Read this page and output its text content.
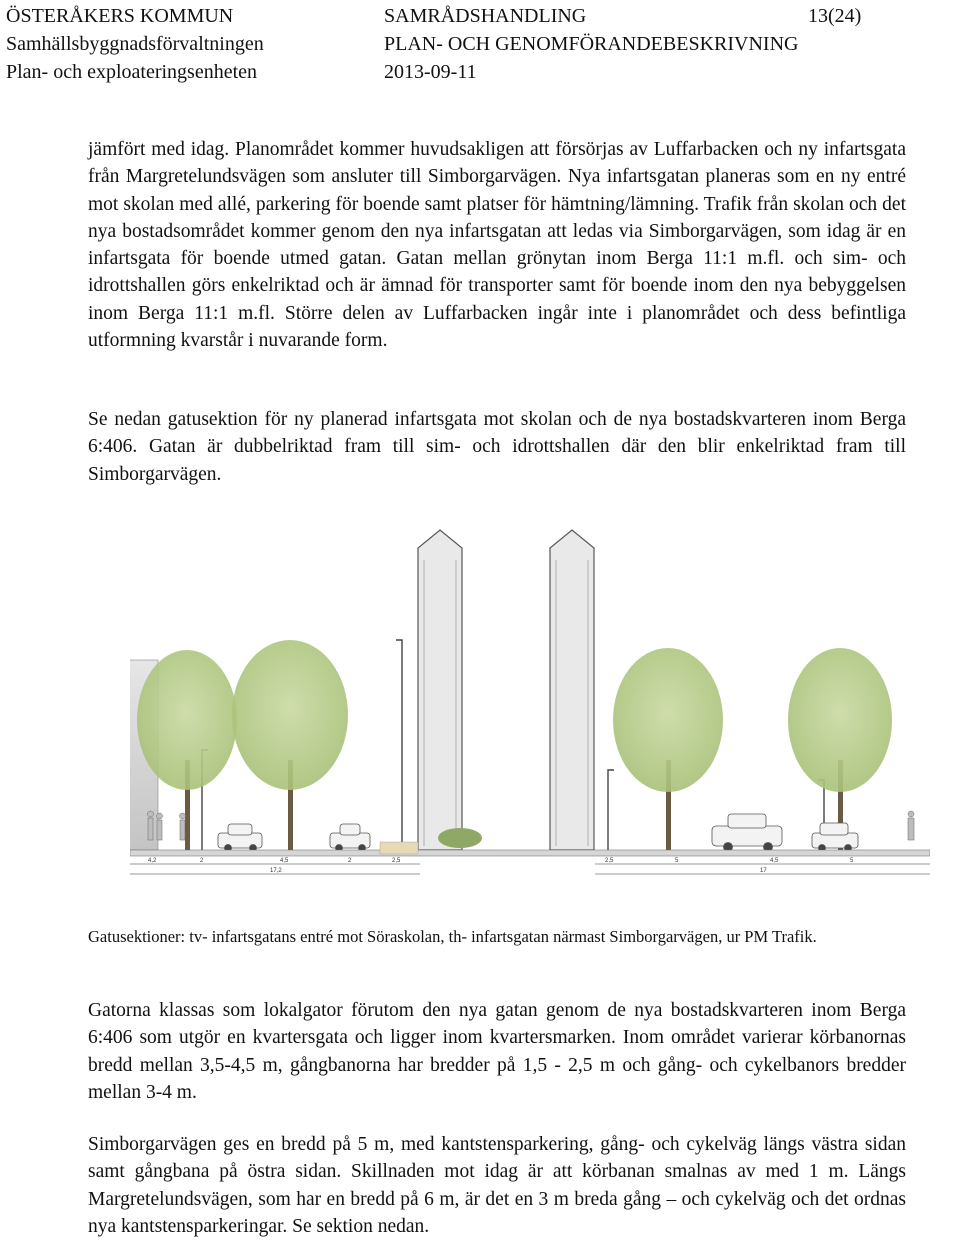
ÖSTERÅKERS KOMMUN
Samhällsbyggnadsförvaltningen
Plan- och exploateringsenheten
SAMRÅDSHANDLING
PLAN- OCH GENOMFÖRANDEBESKRIVNING
2013-09-11
13(24)

jämfört med idag. Planområdet kommer huvudsakligen att försörjas av Luffarbacken och ny infartsgata från Margretelundsvägen som ansluter till Simborgarvägen. Nya infartsgatan planeras som en ny entré mot skolan med allé, parkering för boende samt platser för hämtning/lämning. Trafik från skolan och det nya bostadsområdet kommer genom den nya infartsgatan att ledas via Simborgarvägen, som idag är en infartsgata för boende utmed gatan. Gatan mellan grönytan inom Berga 11:1 m.fl. och sim- och idrottshallen görs enkelriktad och är ämnad för transporter samt för boende inom den nya bebyggelsen inom Berga 11:1 m.fl. Större delen av Luffarbacken ingår inte i planområdet och dess befintliga utformning kvarstår i nuvarande form.

Se nedan gatusektion för ny planerad infartsgata mot skolan och de nya bostadskvarteren inom Berga 6:406. Gatan är dubbelriktad fram till sim- och idrottshallen där den blir enkelriktad fram till Simborgarvägen.

4,2	2	4,5	2	2,5
17,2
2,5	5	4,5	5
17

Gatusektioner: tv- infartsgatans entré mot Söraskolan, th- infartsgatan närmast Simborgarvägen, ur PM Trafik.

Gatorna klassas som lokalgator förutom den nya gatan genom de nya bostadskvarteren inom Berga 6:406 som utgör en kvartersgata och ligger inom kvartersmarken. Inom området varierar körbanornas bredd mellan 3,5-4,5 m, gångbanorna har bredder på 1,5 - 2,5 m och gång- och cykelbanors bredder mellan 3-4 m.

Simborgarvägen ges en bredd på 5 m, med kantstensparkering, gång- och cykelväg längs västra sidan samt gångbana på östra sidan. Skillnaden mot idag är att körbanan smalnas av med 1 m. Längs Margretelundsvägen, som har en bredd på 6 m, är det en 3 m breda gång – och cykelväg och det ordnas nya kantstensparkeringar. Se sektion nedan.
